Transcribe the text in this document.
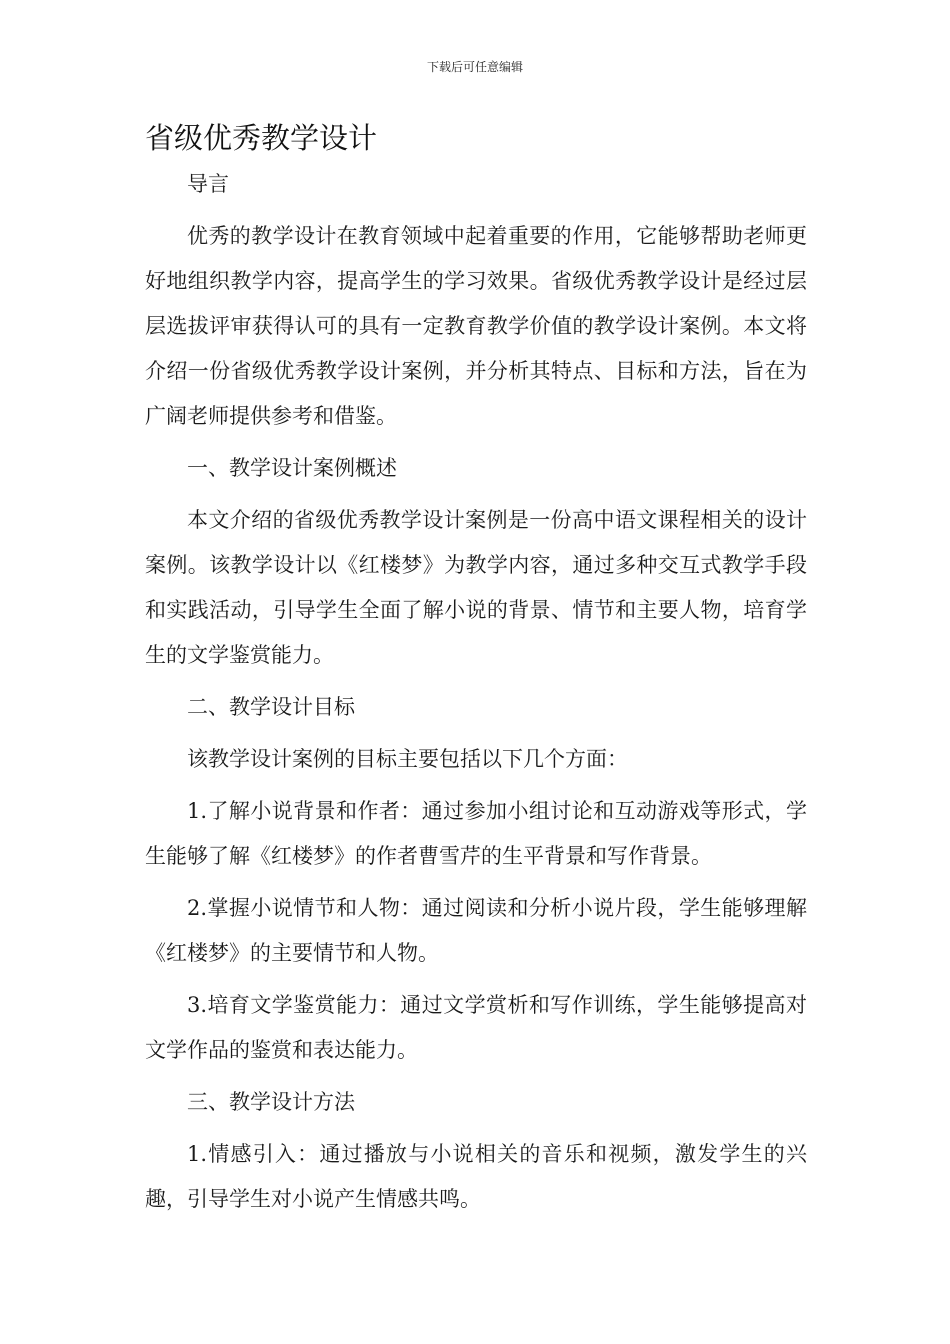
下载后可任意编辑
省级优秀教学设计

导言

优秀的教学设计在教育领域中起着重要的作用，它能够帮助老师更好地组织教学内容，提高学生的学习效果。省级优秀教学设计是经过层层选拔评审获得认可的具有一定教育教学价值的教学设计案例。本文将介绍一份省级优秀教学设计案例，并分析其特点、目标和方法，旨在为广阔老师提供参考和借鉴。

一、教学设计案例概述

本文介绍的省级优秀教学设计案例是一份高中语文课程相关的设计案例。该教学设计以《红楼梦》为教学内容，通过多种交互式教学手段和实践活动，引导学生全面了解小说的背景、情节和主要人物，培育学生的文学鉴赏能力。

二、教学设计目标

该教学设计案例的目标主要包括以下几个方面：

1.了解小说背景和作者：通过参加小组讨论和互动游戏等形式，学生能够了解《红楼梦》的作者曹雪芹的生平背景和写作背景。

2.掌握小说情节和人物：通过阅读和分析小说片段，学生能够理解《红楼梦》的主要情节和人物。

3.培育文学鉴赏能力：通过文学赏析和写作训练，学生能够提高对文学作品的鉴赏和表达能力。

三、教学设计方法

1.情感引入：通过播放与小说相关的音乐和视频，激发学生的兴趣，引导学生对小说产生情感共鸣。
